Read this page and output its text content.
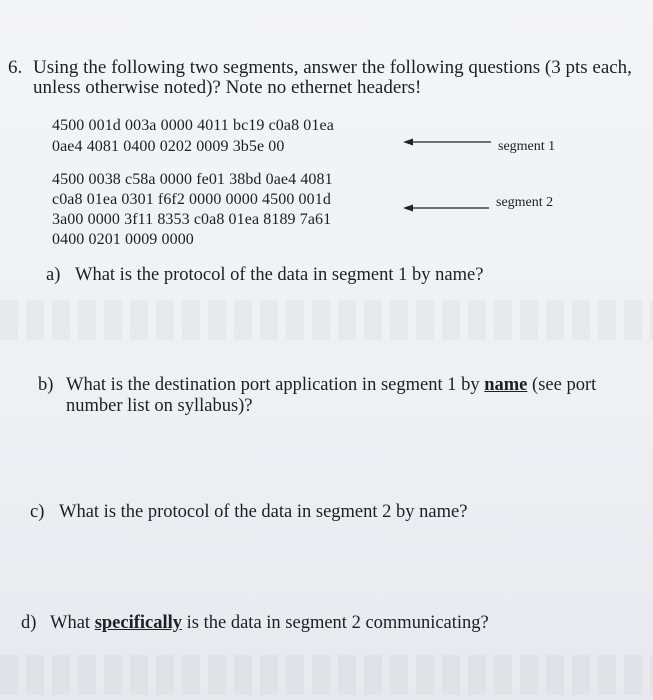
6. Using the following two segments, answer the following questions (3 pts each,
unless otherwise noted)? Note no ethernet headers!
4500 001d 003a 0000 4011 bc19 c0a8 01ea
0ae4 4081 0400 0202 0009 3b5e 00	segment 1
4500 0038 c58a 0000 fe01 38bd 0ae4 4081
c0a8 01ea 0301 f6f2 0000 0000 4500 001d
3a00 0000 3f11 8353 c0a8 01ea 8189 7a61
0400 0201 0009 0000
segment 2
a) What is the protocol of the data in segment 1 by name?
b) What is the destination port application in segment 1 by name (see port
number list on syllabus)?
c) What is the protocol of the data in segment 2 by name?
d) What specifically is the data in segment 2 communicating?
